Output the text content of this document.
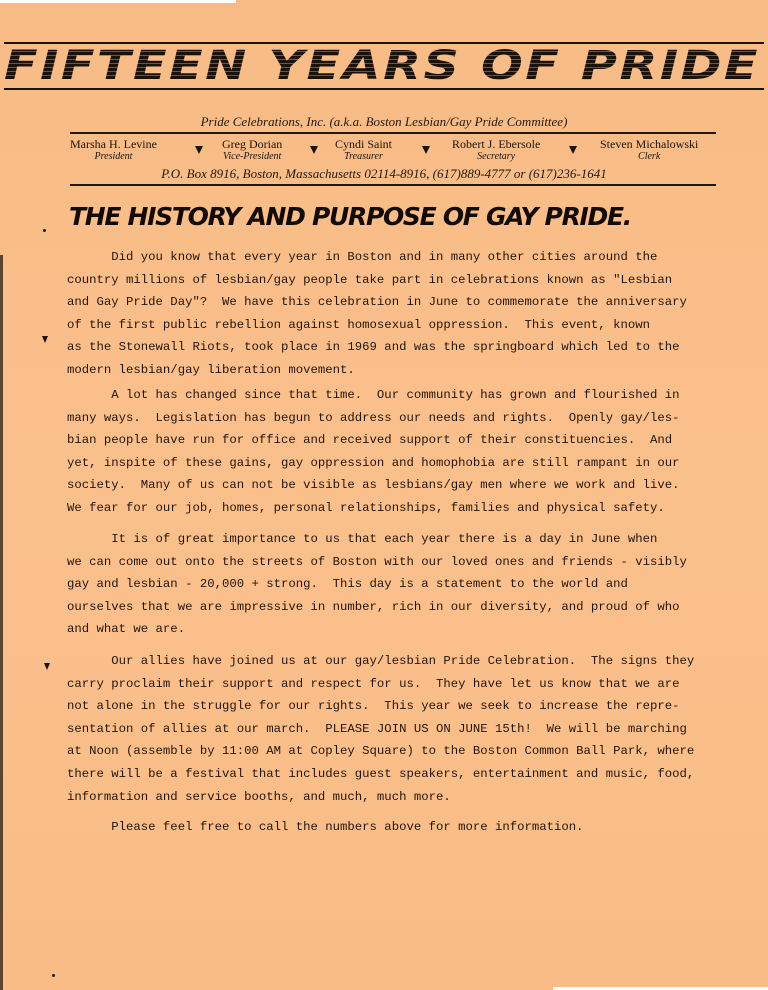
FIFTEEN YEARS OF PRIDE
Pride Celebrations, Inc. (a.k.a. Boston Lesbian/Gay Pride Committee)
Marsha H. Levine
President
Greg Dorian
Vice-President
Cyndi Saint
Treasurer
Robert J. Ebersole
Secretary
Steven Michalowski
Clerk
P.O. Box 8916, Boston, Massachusetts 02114-8916, (617)889-4777 or (617)236-1641
THE HISTORY AND PURPOSE OF GAY PRIDE.
Did you know that every year in Boston and in many other cities around the
country millions of lesbian/gay people take part in celebrations known as "Lesbian
and Gay Pride Day"?  We have this celebration in June to commemorate the anniversary
of the first public rebellion against homosexual oppression.  This event, known
as the Stonewall Riots, took place in 1969 and was the springboard which led to the
modern lesbian/gay liberation movement.
A lot has changed since that time.  Our community has grown and flourished in
many ways.  Legislation has begun to address our needs and rights.  Openly gay/les-
bian people have run for office and received support of their constituencies.  And
yet, inspite of these gains, gay oppression and homophobia are still rampant in our
society.  Many of us can not be visible as lesbians/gay men where we work and live.
We fear for our job, homes, personal relationships, families and physical safety.
It is of great importance to us that each year there is a day in June when
we can come out onto the streets of Boston with our loved ones and friends - visibly
gay and lesbian - 20,000 + strong.  This day is a statement to the world and
ourselves that we are impressive in number, rich in our diversity, and proud of who
and what we are.
Our allies have joined us at our gay/lesbian Pride Celebration.  The signs they
carry proclaim their support and respect for us.  They have let us know that we are
not alone in the struggle for our rights.  This year we seek to increase the repre-
sentation of allies at our march.  PLEASE JOIN US ON JUNE 15th!  We will be marching
at Noon (assemble by 11:00 AM at Copley Square) to the Boston Common Ball Park, where
there will be a festival that includes guest speakers, entertainment and music, food,
information and service booths, and much, much more.
Please feel free to call the numbers above for more information.
